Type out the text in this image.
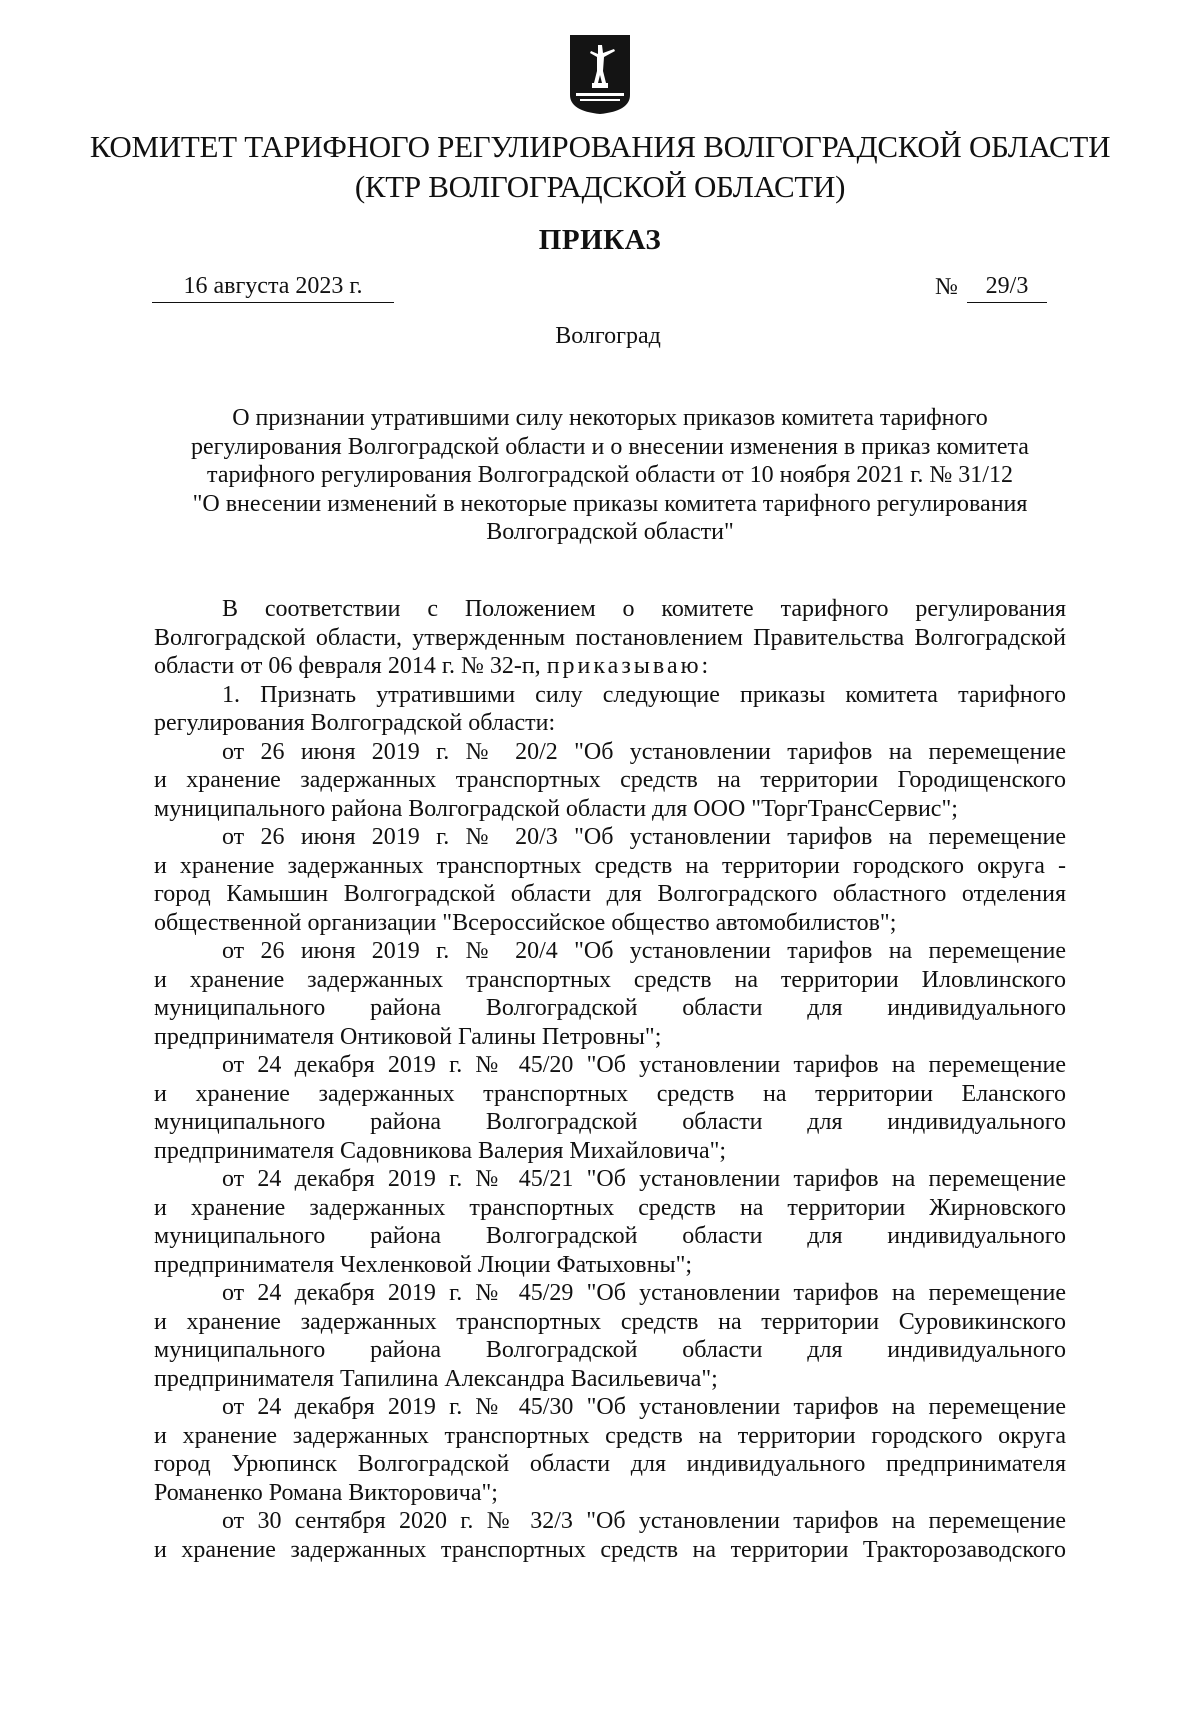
КОМИТЕТ ТАРИФНОГО РЕГУЛИРОВАНИЯ ВОЛГОГРАДСКОЙ ОБЛАСТИ
(КТР ВОЛГОГРАДСКОЙ ОБЛАСТИ)
ПРИКАЗ
16 августа 2023 г.	№ 29/3
Волгоград
О признании утратившими силу некоторых приказов комитета тарифного
регулирования Волгоградской области и о внесении изменения в приказ комитета
тарифного регулирования Волгоградской области от 10 ноября 2021 г. № 31/12
"О внесении изменений в некоторые приказы комитета тарифного регулирования
Волгоградской области"
В соответствии с Положением о комитете тарифного регулирования
Волгоградской области, утвержденным постановлением Правительства Волгоградской
области от 06 февраля 2014 г. № 32-п, приказываю:
1. Признать утратившими силу следующие приказы комитета тарифного
регулирования Волгоградской области:
от 26 июня 2019 г. № 20/2 "Об установлении тарифов на перемещение
и хранение задержанных транспортных средств на территории Городищенского
муниципального района Волгоградской области для ООО "ТоргТрансСервис";
от 26 июня 2019 г. № 20/3 "Об установлении тарифов на перемещение
и хранение задержанных транспортных средств на территории городского округа -
город Камышин Волгоградской области для Волгоградского областного отделения
общественной организации "Всероссийское общество автомобилистов";
от 26 июня 2019 г. № 20/4 "Об установлении тарифов на перемещение
и хранение задержанных транспортных средств на территории Иловлинского
муниципального района Волгоградской области для индивидуального
предпринимателя Онтиковой Галины Петровны";
от 24 декабря 2019 г. № 45/20 "Об установлении тарифов на перемещение
и хранение задержанных транспортных средств на территории Еланского
муниципального района Волгоградской области для индивидуального
предпринимателя Садовникова Валерия Михайловича";
от 24 декабря 2019 г. № 45/21 "Об установлении тарифов на перемещение
и хранение задержанных транспортных средств на территории Жирновского
муниципального района Волгоградской области для индивидуального
предпринимателя Чехленковой Люции Фатыховны";
от 24 декабря 2019 г. № 45/29 "Об установлении тарифов на перемещение
и хранение задержанных транспортных средств на территории Суровикинского
муниципального района Волгоградской области для индивидуального
предпринимателя Тапилина Александра Васильевича";
от 24 декабря 2019 г. № 45/30 "Об установлении тарифов на перемещение
и хранение задержанных транспортных средств на территории городского округа
город Урюпинск Волгоградской области для индивидуального предпринимателя
Романенко Романа Викторовича";
от 30 сентября 2020 г. № 32/3 "Об установлении тарифов на перемещение
и хранение задержанных транспортных средств на территории Тракторозаводского
